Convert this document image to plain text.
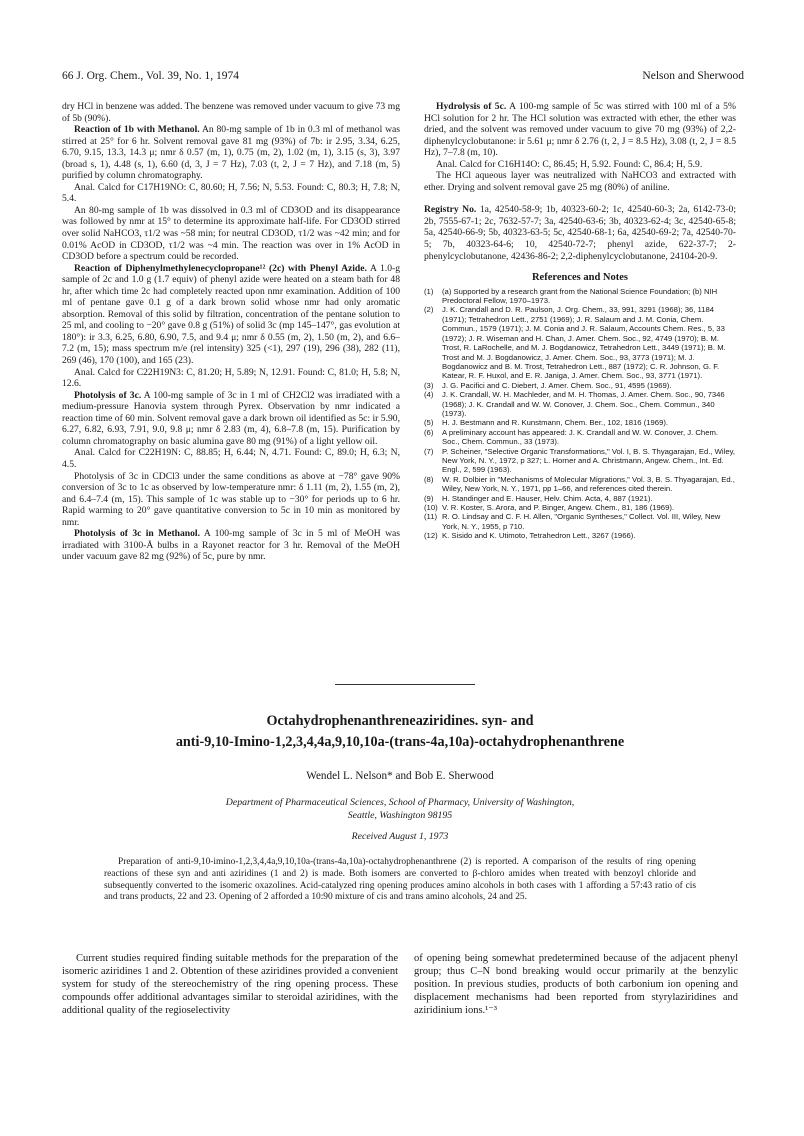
66 J. Org. Chem., Vol. 39, No. 1, 1974	Nelson and Sherwood

dry HCl in benzene was added. The benzene was removed under vacuum to give 73 mg of 5b (90%).

Reaction of 1b with Methanol. An 80-mg sample of 1b in 0.3 ml of methanol was stirred at 25° for 6 hr. Solvent removal gave 81 mg (93%) of 7b: ir 2.95, 3.34, 6.25, 6.70, 9.15, 13.3, 14.3 μ; nmr δ 0.57 (m, 1), 0.75 (m, 2), 1.02 (m, 1), 3.15 (s, 3), 3.97 (broad s, 1), 4.48 (s, 1), 6.60 (d, 3, J = 7 Hz), 7.03 (t, 2, J = 7 Hz), and 7.18 (m, 5) purified by column chromatography.

Anal. Calcd for C17H19NO: C, 80.60; H, 7.56; N, 5.53. Found: C, 80.3; H, 7.8; N, 5.4.

An 80-mg sample of 1b was dissolved in 0.3 ml of CD3OD and its disappearance was followed by nmr at 15° to determine its approximate half-life. For CD3OD stirred over solid NaHCO3, τ1/2 was ~58 min; for neutral CD3OD, τ1/2 was ~42 min; and for 0.01% AcOD in CD3OD, τ1/2 was ~4 min. The reaction was over in 1% AcOD in CD3OD before a spectrum could be recorded.

Reaction of Diphenylmethylenecyclopropane¹² (2c) with Phenyl Azide. A 1.0-g sample of 2c and 1.0 g (1.7 equiv) of phenyl azide were heated on a steam bath for 48 hr, after which time 2c had completely reacted upon nmr examination. Addition of 100 ml of pentane gave 0.1 g of a dark brown solid whose nmr had only aromatic absorption. Removal of this solid by filtration, concentration of the pentane solution to 25 ml, and cooling to −20° gave 0.8 g (51%) of solid 3c (mp 145–147°, gas evolution at 180°): ir 3.3, 6.25, 6.80, 6.90, 7.5, and 9.4 μ; nmr δ 0.55 (m, 2), 1.50 (m, 2), and 6.6–7.2 (m, 15); mass spectrum m/e (rel intensity) 325 (<1), 297 (19), 296 (38), 282 (11), 269 (46), 170 (100), and 165 (23).

Anal. Calcd for C22H19N3: C, 81.20; H, 5.89; N, 12.91. Found: C, 81.0; H, 5.8; N, 12.6.

Photolysis of 3c. A 100-mg sample of 3c in 1 ml of CH2Cl2 was irradiated with a medium-pressure Hanovia system through Pyrex. Observation by nmr indicated a reaction time of 60 min. Solvent removal gave a dark brown oil identified as 5c: ir 5.90, 6.27, 6.82, 6.93, 7.91, 9.0, 9.8 μ; nmr δ 2.83 (m, 4), 6.8–7.8 (m, 15). Purification by column chromatography on basic alumina gave 80 mg (91%) of a light yellow oil.

Anal. Calcd for C22H19N: C, 88.85; H, 6.44; N, 4.71. Found: C, 89.0; H, 6.3; N, 4.5.

Photolysis of 3c in CDCl3 under the same conditions as above at −78° gave 90% conversion of 3c to 1c as observed by low-temperature nmr: δ 1.11 (m, 2), 1.55 (m, 2), and 6.4–7.4 (m, 15). This sample of 1c was stable up to −30° for periods up to 6 hr. Rapid warming to 20° gave quantitative conversion to 5c in 10 min as monitored by nmr.

Photolysis of 3c in Methanol. A 100-mg sample of 3c in 5 ml of MeOH was irradiated with 3100-Å bulbs in a Rayonet reactor for 3 hr. Removal of the MeOH under vacuum gave 82 mg (92%) of 5c, pure by nmr.

Hydrolysis of 5c. A 100-mg sample of 5c was stirred with 100 ml of a 5% HCl solution for 2 hr. The HCl solution was extracted with ether, the ether was dried, and the solvent was removed under vacuum to give 70 mg (93%) of 2,2-diphenylcyclobutanone: ir 5.61 μ; nmr δ 2.76 (t, 2, J = 8.5 Hz), 3.08 (t, 2, J = 8.5 Hz), 7–7.8 (m, 10).

Anal. Calcd for C16H14O: C, 86.45; H, 5.92. Found: C, 86.4; H, 5.9.

The HCl aqueous layer was neutralized with NaHCO3 and extracted with ether. Drying and solvent removal gave 25 mg (80%) of aniline.

Registry No. 1a, 42540-58-9; 1b, 40323-60-2; 1c, 42540-60-3; 2a, 6142-73-0; 2b, 7555-67-1; 2c, 7632-57-7; 3a, 42540-63-6; 3b, 40323-62-4; 3c, 42540-65-8; 5a, 42540-66-9; 5b, 40323-63-5; 5c, 42540-68-1; 6a, 42540-69-2; 7a, 42540-70-5; 7b, 40323-64-6; 10, 42540-72-7; phenyl azide, 622-37-7; 2-phenylcyclobutanone, 42436-86-2; 2,2-diphenylcyclobutanone, 24104-20-9.

References and Notes
(1)	(a) Supported by a research grant from the National Science Foundation; (b) NIH Predoctoral Fellow, 1970–1973.
(2)	J. K. Crandall and D. R. Paulson, J. Org. Chem., 33, 991, 3291 (1968); 36, 1184 (1971); Tetrahedron Lett., 2751 (1969); J. R. Salaum and J. M. Conia, Chem. Commun., 1579 (1971); J. M. Conia and J. R. Salaum, Accounts Chem. Res., 5, 33 (1972); J. R. Wiseman and H. Chan, J. Amer. Chem. Soc., 92, 4749 (1970); B. M. Trost, R. LaRochelle, and M. J. Bogdanowicz, Tetrahedron Lett., 3449 (1971); B. M. Trost and M. J. Bogdanowicz, J. Amer. Chem. Soc., 93, 3773 (1971); M. J. Bogdanowicz and B. M. Trost, Tetrahedron Lett., 887 (1972); C. R. Johnson, G. F. Katear, R. F. Huxol, and E. R. Janiga, J. Amer. Chem. Soc., 93, 3771 (1971).
(3)	J. G. Pacifici and C. Diebert, J. Amer. Chem. Soc., 91, 4595 (1969).
(4)	J. K. Crandall, W. H. Machleder, and M. H. Thomas, J. Amer. Chem. Soc., 90, 7346 (1968); J. K. Crandall and W. W. Conover, J. Chem. Soc., Chem. Commun., 340 (1973).
(5)	H. J. Bestmann and R. Kunstmann, Chem. Ber., 102, 1816 (1969).
(6)	A preliminary account has appeared: J. K. Crandall and W. W. Conover, J. Chem. Soc., Chem. Commun., 33 (1973).
(7)	P. Scheiner, "Selective Organic Transformations," Vol. I, B. S. Thyagarajan, Ed., Wiley, New York, N. Y., 1972, p 327; L. Horner and A. Christmann, Angew. Chem., Int. Ed. Engl., 2, 599 (1963).
(8)	W. R. Dolbier in "Mechanisms of Molecular Migrations," Vol. 3, B. S. Thyagarajan, Ed., Wiley, New York, N. Y., 1971, pp 1–66, and references cited therein.
(9)	H. Standinger and E. Hauser, Helv. Chim. Acta, 4, 887 (1921).
(10) V. R. Koster, S. Arora, and P. Binger, Angew. Chem., 81, 186 (1969).
(11) R. O. Lindsay and C. F. H. Allen, "Organic Syntheses," Collect. Vol. III, Wiley, New York, N. Y., 1955, p 710.
(12) K. Sisido and K. Utimoto, Tetrahedron Lett., 3267 (1966).
Octahydrophenanthreneaziridines. syn- and
anti-9,10-Imino-1,2,3,4,4a,9,10,10a-(trans-4a,10a)-octahydrophenanthrene
Wendel L. Nelson* and Bob E. Sherwood
Department of Pharmaceutical Sciences, School of Pharmacy, University of Washington,
Seattle, Washington 98195
Received August 1, 1973
Preparation of anti-9,10-imino-1,2,3,4,4a,9,10,10a-(trans-4a,10a)-octahydrophenanthrene (2) is reported. A comparison of the results of ring opening reactions of these syn and anti aziridines (1 and 2) is made. Both isomers are converted to β-chloro amides when treated with benzoyl chloride and subsequently converted to the isomeric oxazolines. Acid-catalyzed ring opening produces amino alcohols in both cases with 1 affording a 57:43 ratio of cis and trans products, 22 and 23. Opening of 2 afforded a 10:90 mixture of cis and trans amino alcohols, 24 and 25.
Current studies required finding suitable methods for the preparation of the isomeric aziridines 1 and 2. Obtention of these aziridines provided a convenient system for study of the stereochemistry of the ring opening process. These compounds offer additional advantages similar to steroidal aziridines, with the additional quality of the regioselectivity
of opening being somewhat predetermined because of the adjacent phenyl group; thus C–N bond breaking would occur primarily at the benzylic position. In previous studies, products of both carbonium ion opening and displacement mechanisms had been reported from styrylaziridines and aziridinium ions.¹⁻³
